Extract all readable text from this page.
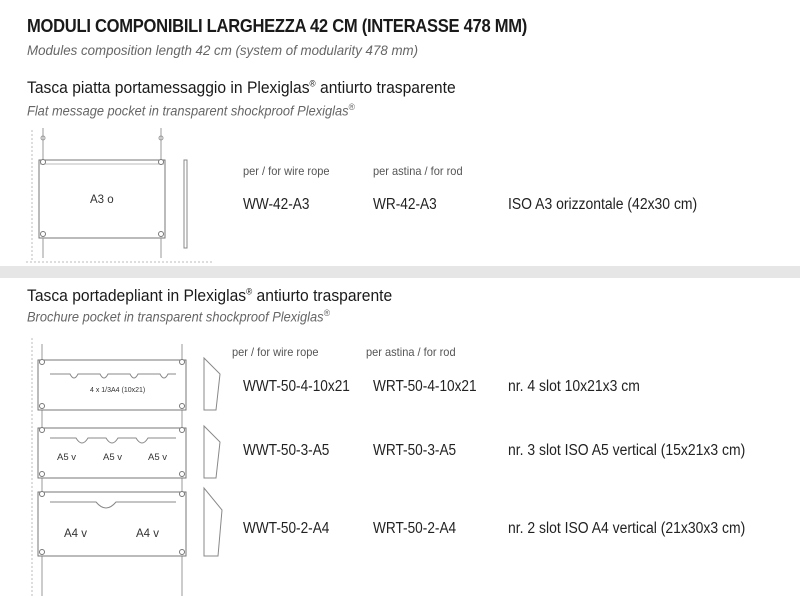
MODULI COMPONIBILI LARGHEZZA 42 CM (INTERASSE 478 MM)
Modules composition length 42 cm (system of modularity 478 mm)
Tasca piatta portamessaggio in Plexiglas® antiurto trasparente
Flat message pocket in transparent shockproof Plexiglas®
A3 o
per / for wire rope	per astina / for rod
WW-42-A3	WR-42-A3	ISO A3 orizzontale (42x30 cm)
Tasca portadepliant in Plexiglas® antiurto trasparente
Brochure pocket in transparent shockproof Plexiglas®
4 x 1/3A4 (10x21)
A5 v	A5 v	A5 v
A4 v	A4 v
per / for wire rope	per astina / for rod
WWT-50-4-10x21 WRT-50-4-10x21 nr. 4 slot 10x21x3 cm
WWT-50-3-A5	WRT-50-3-A5	nr. 3 slot ISO A5 vertical (15x21x3 cm)
WWT-50-2-A4	WRT-50-2-A4	nr. 2 slot ISO A4 vertical (21x30x3 cm)
